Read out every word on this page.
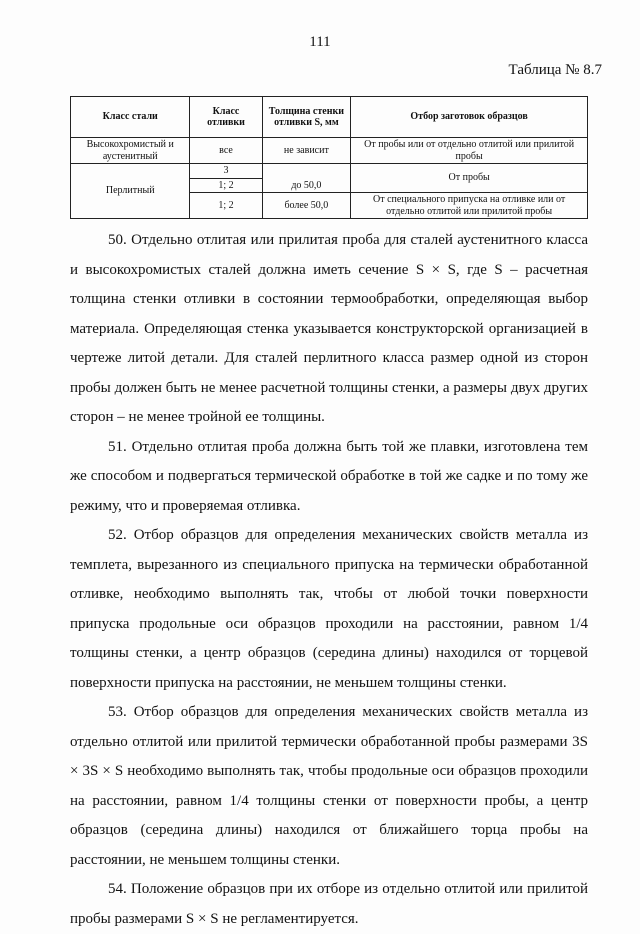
111
Таблица № 8.7
Класс стали	Класс отливки	Толщина стенки отливки S, мм	Отбор заготовок образцов
Высокохромистый и аустенитный	все	не зависит	От пробы или от отдельно отлитой или прилитой пробы
Перлитный	3	до 50,0	От пробы
	1; 2		
	1; 2	более 50,0	От специального припуска на отливке или от отдельно отлитой или прилитой пробы

50. Отдельно отлитая или прилитая проба для сталей аустенитного класса и высокохромистых сталей должна иметь сечение S × S, где S – расчетная толщина стенки отливки в состоянии термообработки, определяющая выбор материала. Определяющая стенка указывается конструкторской организацией в чертеже литой детали. Для сталей перлитного класса размер одной из сторон пробы должен быть не менее расчетной толщины стенки, а размеры двух других сторон – не менее тройной ее толщины.

51. Отдельно отлитая проба должна быть той же плавки, изготовлена тем же способом и подвергаться термической обработке в той же садке и по тому же режиму, что и проверяемая отливка.

52. Отбор образцов для определения механических свойств металла из темплета, вырезанного из специального припуска на термически обработанной отливке, необходимо выполнять так, чтобы от любой точки поверхности припуска продольные оси образцов проходили на расстоянии, равном 1/4 толщины стенки, а центр образцов (середина длины) находился от торцевой поверхности припуска на расстоянии, не меньшем толщины стенки.

53. Отбор образцов для определения механических свойств металла из отдельно отлитой или прилитой термически обработанной пробы размерами 3S × 3S × S необходимо выполнять так, чтобы продольные оси образцов проходили на расстоянии, равном 1/4 толщины стенки от поверхности пробы, а центр образцов (середина длины) находился от ближайшего торца пробы на расстоянии, не меньшем толщины стенки.

54. Положение образцов при их отборе из отдельно отлитой или прилитой пробы размерами S × S не регламентируется.
